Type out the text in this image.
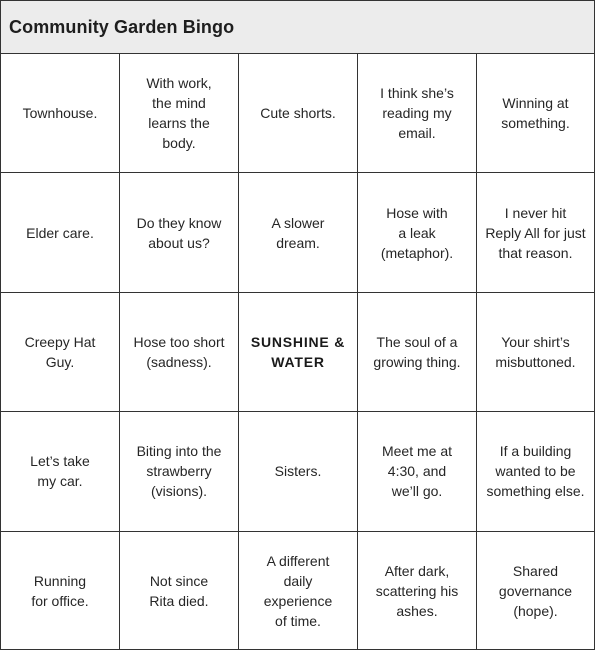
Community Garden Bingo
Townhouse.
With work,
the mind
learns the
body.
Cute shorts.
I think she’s
reading my
email.
Winning at
something.
Elder care.
Do they know
about us?
A slower
dream.
Hose with
a leak
(metaphor).
I never hit
Reply All for just
that reason.
Creepy Hat
Guy.
Hose too short
(sadness).
SUNSHINE &
WATER
The soul of a
growing thing.
Your shirt’s
misbuttoned.
Let’s take
my car.
Biting into the
strawberry
(visions).
Sisters.
Meet me at
4:30, and
we’ll go.
If a building
wanted to be
something else.
Running
for office.
Not since
Rita died.
A different
daily
experience
of time.
After dark,
scattering his
ashes.
Shared
governance
(hope).
